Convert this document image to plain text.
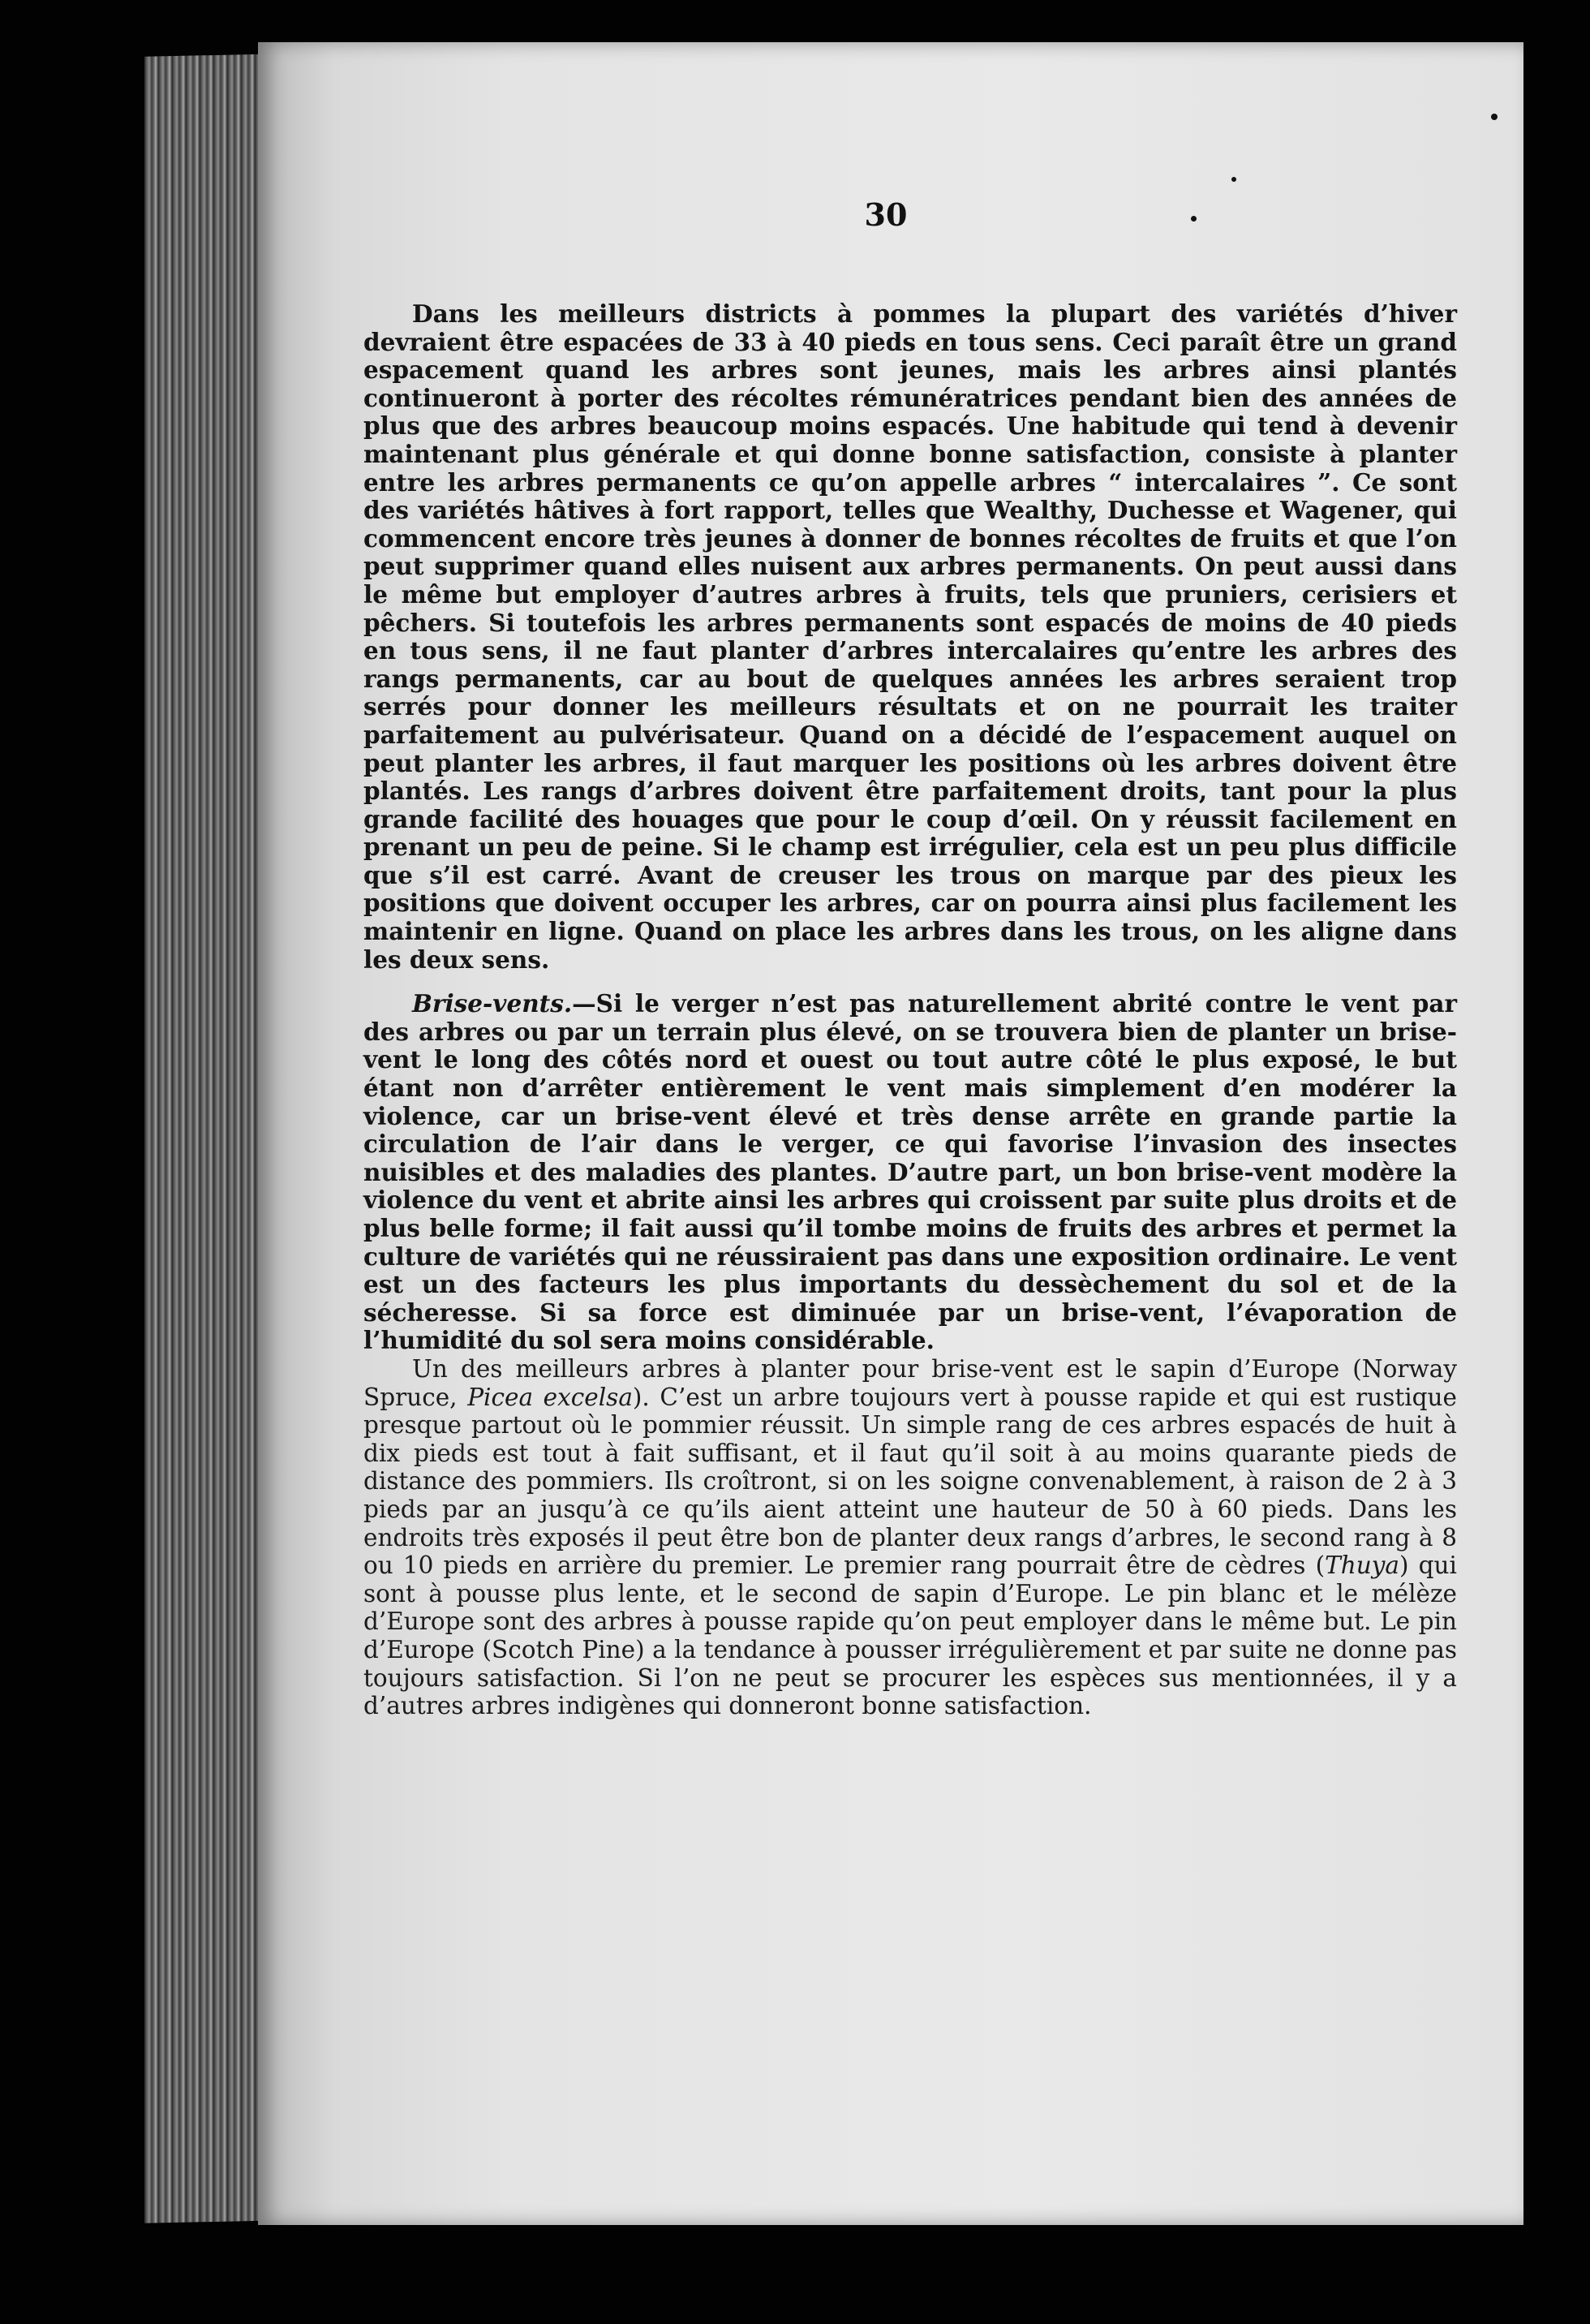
30

Dans les meilleurs districts à pommes la plupart des variétés d’hiver devraient être espacées de 33 à 40 pieds en tous sens. Ceci paraît être un grand espacement quand les arbres sont jeunes, mais les arbres ainsi plantés continueront à porter des récoltes rémunératrices pendant bien des années de plus que des arbres beaucoup moins espacés. Une habitude qui tend à devenir maintenant plus générale et qui donne bonne satisfaction, consiste à planter entre les arbres permanents ce qu’on appelle arbres “ intercalaires ”. Ce sont des variétés hâtives à fort rapport, telles que Wealthy, Duchesse et Wagener, qui commencent encore très jeunes à donner de bonnes récoltes de fruits et que l’on peut supprimer quand elles nuisent aux arbres permanents. On peut aussi dans le même but employer d’autres arbres à fruits, tels que pruniers, cerisiers et pêchers. Si toutefois les arbres permanents sont espacés de moins de 40 pieds en tous sens, il ne faut planter d’arbres intercalaires qu’entre les arbres des rangs permanents, car au bout de quelques années les arbres seraient trop serrés pour donner les meilleurs résultats et on ne pourrait les traiter parfaitement au pulvérisateur. Quand on a décidé de l’espacement auquel on peut planter les arbres, il faut marquer les positions où les arbres doivent être plantés. Les rangs d’arbres doivent être parfaitement droits, tant pour la plus grande facilité des houages que pour le coup d’œil. On y réussit facilement en prenant un peu de peine. Si le champ est irrégulier, cela est un peu plus difficile que s’il est carré. Avant de creuser les trous on marque par des pieux les positions que doivent occuper les arbres, car on pourra ainsi plus facilement les maintenir en ligne. Quand on place les arbres dans les trous, on les aligne dans les deux sens.

Brise-vents.—Si le verger n’est pas naturellement abrité contre le vent par des arbres ou par un terrain plus élevé, on se trouvera bien de planter un brise-vent le long des côtés nord et ouest ou tout autre côté le plus exposé, le but étant non d’arrêter entièrement le vent mais simplement d’en modérer la violence, car un brise-vent élevé et très dense arrête en grande partie la circulation de l’air dans le verger, ce qui favorise l’invasion des insectes nuisibles et des maladies des plantes. D’autre part, un bon brise-vent modère la violence du vent et abrite ainsi les arbres qui croissent par suite plus droits et de plus belle forme; il fait aussi qu’il tombe moins de fruits des arbres et permet la culture de variétés qui ne réussiraient pas dans une exposition ordinaire. Le vent est un des facteurs les plus importants du dessèchement du sol et de la sécheresse. Si sa force est diminuée par un brise-vent, l’évaporation de l’humidité du sol sera moins considérable.

Un des meilleurs arbres à planter pour brise-vent est le sapin d’Europe (Norway Spruce, Picea excelsa). C’est un arbre toujours vert à pousse rapide et qui est rustique presque partout où le pommier réussit. Un simple rang de ces arbres espacés de huit à dix pieds est tout à fait suffisant, et il faut qu’il soit à au moins quarante pieds de distance des pommiers. Ils croîtront, si on les soigne convenablement, à raison de 2 à 3 pieds par an jusqu’à ce qu’ils aient atteint une hauteur de 50 à 60 pieds. Dans les endroits très exposés il peut être bon de planter deux rangs d’arbres, le second rang à 8 ou 10 pieds en arrière du premier. Le premier rang pourrait être de cèdres (Thuya) qui sont à pousse plus lente, et le second de sapin d’Europe. Le pin blanc et le mélèze d’Europe sont des arbres à pousse rapide qu’on peut employer dans le même but. Le pin d’Europe (Scotch Pine) a la tendance à pousser irrégulièrement et par suite ne donne pas toujours satisfaction. Si l’on ne peut se procurer les espèces sus mentionnées, il y a d’autres arbres indigènes qui donneront bonne satisfaction.
